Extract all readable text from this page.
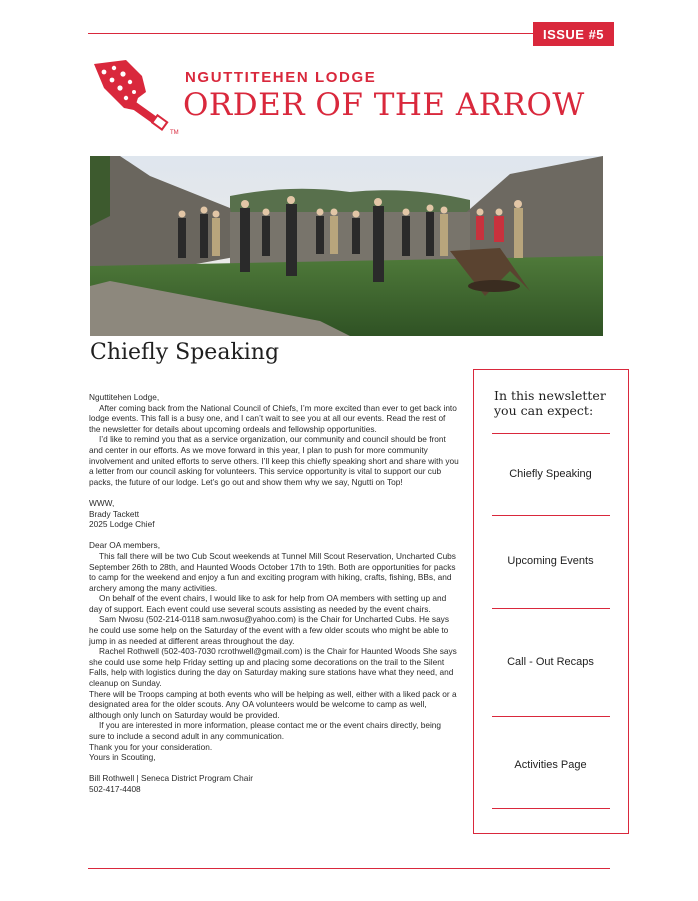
ISSUE #5
TM
NGUTTITEHEN LODGE
ORDER OF THE ARROW
Chiefly Speaking

Nguttitehen Lodge,

After coming back from the National Council of Chiefs, I’m more excited than ever to get back into lodge events. This fall is a busy one, and I can’t wait to see you at all our events. Read the rest of the newsletter for details about upcoming ordeals and fellowship opportunities.

I’d like to remind you that as a service organization, our community and council should be front and center in our efforts. As we move forward in this year, I plan to push for more community involvement and united efforts to serve others. I’ll keep this chiefly speaking short and share with you a letter from our council asking for volunteers. This service opportunity is vital to support our cub packs, the future of our lodge. Let’s go out and show them why we say, Ngutti on Top!

WWW,

Brady Tackett

2025 Lodge Chief

Dear OA members,

This fall there will be two Cub Scout weekends at Tunnel Mill Scout Reservation, Uncharted Cubs September 26th to 28th, and Haunted Woods October 17th to 19th. Both are opportunities for packs to camp for the weekend and enjoy a fun and exciting program with hiking, crafts, fishing, BBs, and archery among the many activities.

On behalf of the event chairs, I would like to ask for help from OA members with setting up and day of support. Each event could use several scouts assisting as needed by the event chairs.

Sam Nwosu (502-214-0118 sam.nwosu@yahoo.com) is the Chair for Uncharted Cubs. He says he could use some help on the Saturday of the event with a few older scouts who might be able to jump in as needed at different areas throughout the day.

Rachel Rothwell (502-403-7030 rcrothwell@gmail.com) is the Chair for Haunted Woods She says she could use some help Friday setting up and placing some decorations on the trail to the Silent Falls, help with logistics during the day on Saturday making sure stations have what they need, and cleanup on Sunday.

There will be Troops camping at both events who will be helping as well, either with a liked pack or a designated area for the older scouts. Any OA volunteers would be welcome to camp as well, although only lunch on Saturday would be provided.

If you are interested in more information, please contact me or the event chairs directly, being sure to include a second adult in any communication.

Thank you for your consideration.

Yours in Scouting,

Bill Rothwell | Seneca District Program Chair

502-417-4408

In this newsletter you can expect:
Chiefly Speaking
Upcoming Events
Call - Out Recaps
Activities Page
